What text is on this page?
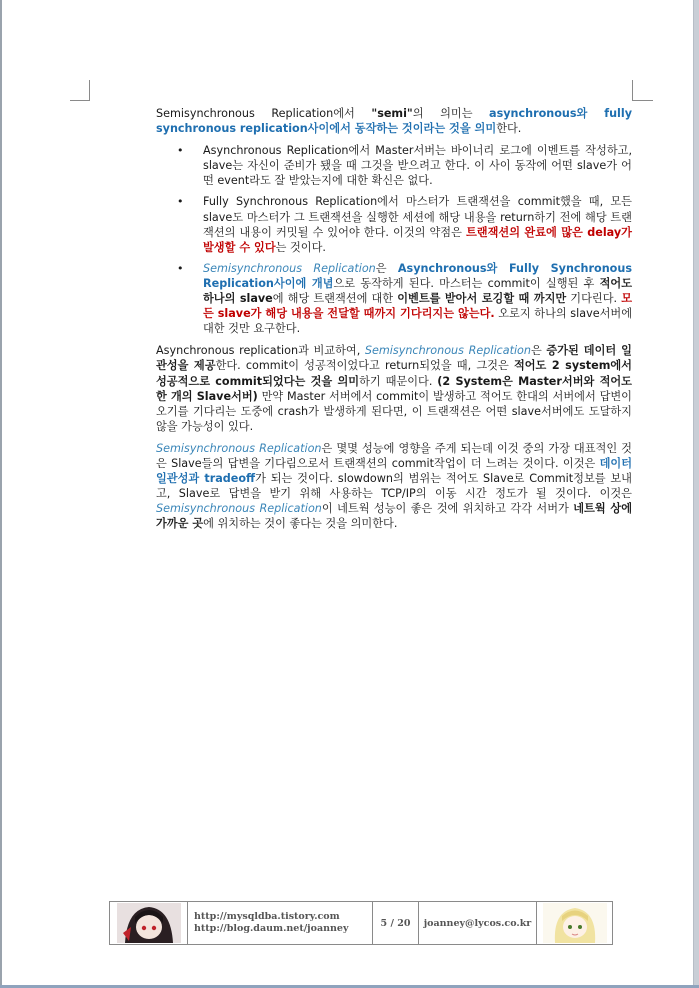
Semisynchronous Replication에서 "semi"의 의미는 asynchronous와 fully synchronous replication사이에서 동작하는 것이라는 것을 의미한다.

• Asynchronous Replication에서 Master서버는 바이너리 로그에 이벤트를 작성하고, slave는 자신이 준비가 됐을 때 그것을 받으려고 한다. 이 사이 동작에 어떤 slave가 어떤 event라도 잘 받았는지에 대한 확신은 없다.
• Fully Synchronous Replication에서 마스터가 트랜잭션을 commit했을 때, 모든 slave도 마스터가 그 트랜잭션을 실행한 세션에 해당 내용을 return하기 전에 해당 트랜잭션의 내용이 커밋될 수 있어야 한다. 이것의 약점은 트랜잭션의 완료에 많은 delay가 발생할 수 있다는 것이다.
• Semisynchronous Replication은 Asynchronous와 Fully Synchronous Replication사이에 개념으로 동작하게 된다. 마스터는 commit이 실행된 후 적어도 하나의 slave에 해당 트랜잭션에 대한 이벤트를 받아서 로깅할 때 까지만 기다린다. 모든 slave가 해당 내용을 전달할 때까지 기다리지는 않는다. 오로지 하나의 slave서버에 대한 것만 요구한다.

Asynchronous replication과 비교하여, Semisynchronous Replication은 증가된 데이터 일관성을 제공한다. commit이 성공적이었다고 return되었을 때, 그것은 적어도 2 system에서 성공적으로 commit되었다는 것을 의미하기 때문이다. (2 System은 Master서버와 적어도 한 개의 Slave서버) 만약 Master 서버에서 commit이 발생하고 적어도 한대의 서버에서 답변이 오기를 기다리는 도중에 crash가 발생하게 된다면, 이 트랜잭션은 어떤 slave서버에도 도달하지 않을 가능성이 있다.

Semisynchronous Replication은 몇몇 성능에 영향을 주게 되는데 이것 중의 가장 대표적인 것은 Slave들의 답변을 기다림으로서 트랜잭션의 commit작업이 더 느려는 것이다. 이것은 데이터 일관성과 tradeoff가 되는 것이다. slowdown의 범위는 적어도 Slave로 Commit정보를 보내고, Slave로 답변을 받기 위해 사용하는 TCP/IP의 이동 시간 정도가 될 것이다. 이것은 Semisynchronous Replication이 네트웍 성능이 좋은 것에 위치하고 각각 서버가 네트웍 상에 가까운 곳에 위치하는 것이 좋다는 것을 의미한다.

http://mysqldba.tistory.com
http://blog.daum.net/joanney	5 / 20	joanney@lycos.co.kr
